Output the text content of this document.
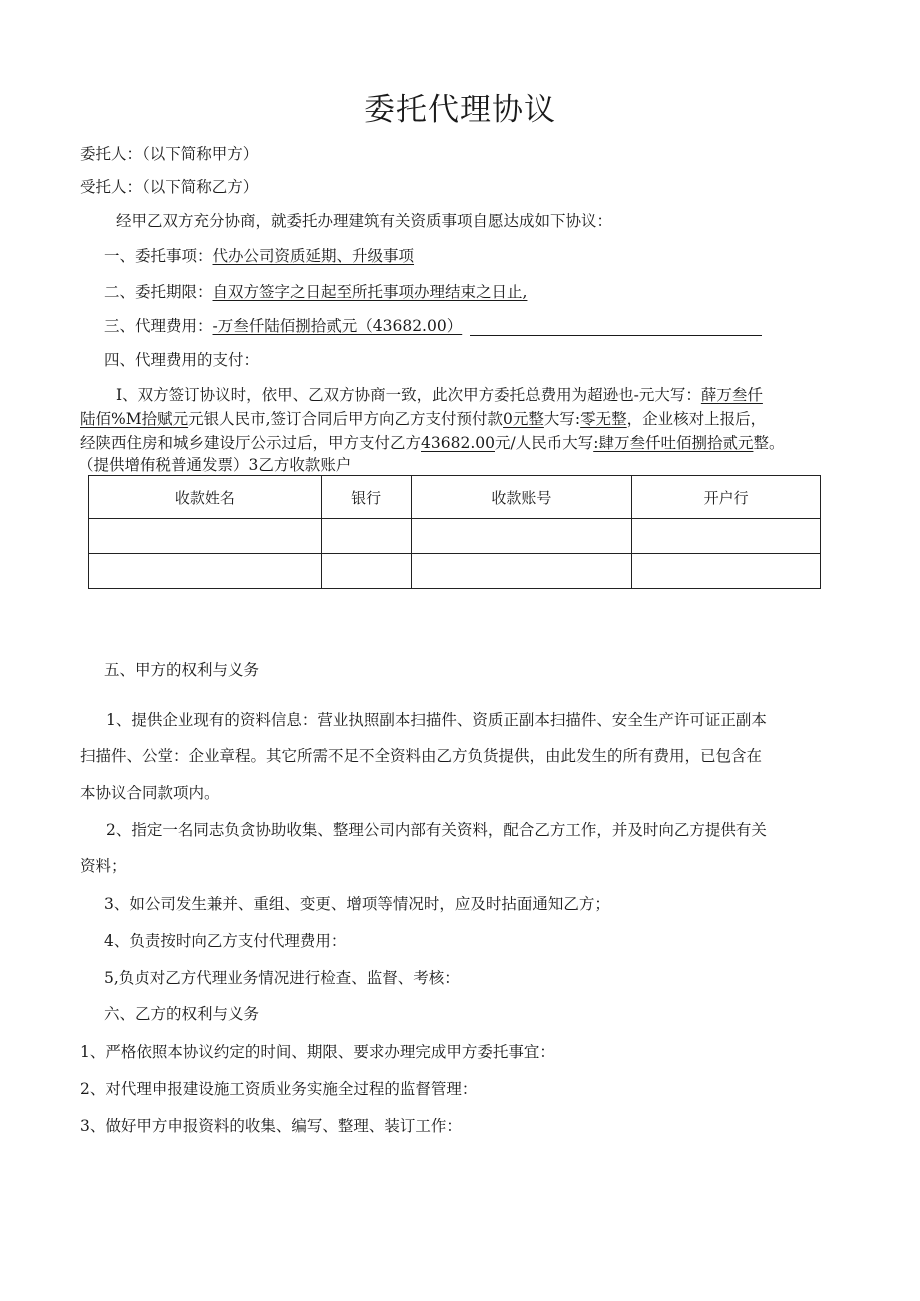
委托代理协议
委托人：（以下简称甲方）
受托人：（以下简称乙方）
经甲乙双方充分协商，就委托办理建筑有关资质事项自愿达成如下协议：
一、委托事项：代办公司资质延期、升级事项
二、委托期限：自双方签字之日起至所托事项办理结束之日止,
三、代理费用：-万叁仟陆佰捌拾贰元（43682.00）
四、代理费用的支付：
I、双方签订协议时，依甲、乙双方协商一致，此次甲方委托总费用为超逊也-元大写：薛万叁仟
陆佰%M拾赋元元银人民市,签订合同后甲方向乙方支付预付款0元整大写:零无整，企业核对上报后，
经陕西住房和城乡建设厅公示过后，甲方支付乙方43682.00元/人民币大写:肆万叁仟吐佰捌拾贰元整。
（提供增侑税普通发票）3乙方收款账户
收款姓名	银行	收款账号	开户行

五、甲方的权利与义务
1、提供企业现有的资料信息：营业执照副本扫描件、资质正副本扫描件、安全生产许可证正副本
扫描件、公堂：企业章程。其它所需不足不全资料由乙方负货提供，由此发生的所有费用，已包含在
本协议合同款项内。
2、指定一名同志负贪协助收集、整理公司内部有关资料，配合乙方工作，并及时向乙方提供有关
资料；
3、如公司发生兼并、重组、变更、增项等情况时，应及时拈面通知乙方；
4、负责按时向乙方支付代理费用：
5,负贞对乙方代理业务情况进行检查、监督、考核：
六、乙方的权利与义务
1、严格依照本协议约定的时间、期限、要求办理完成甲方委托事宜：
2、对代理申报建设施工资质业务实施全过程的监督管理：
3、做好甲方申报资料的收集、编写、整理、装订工作：
